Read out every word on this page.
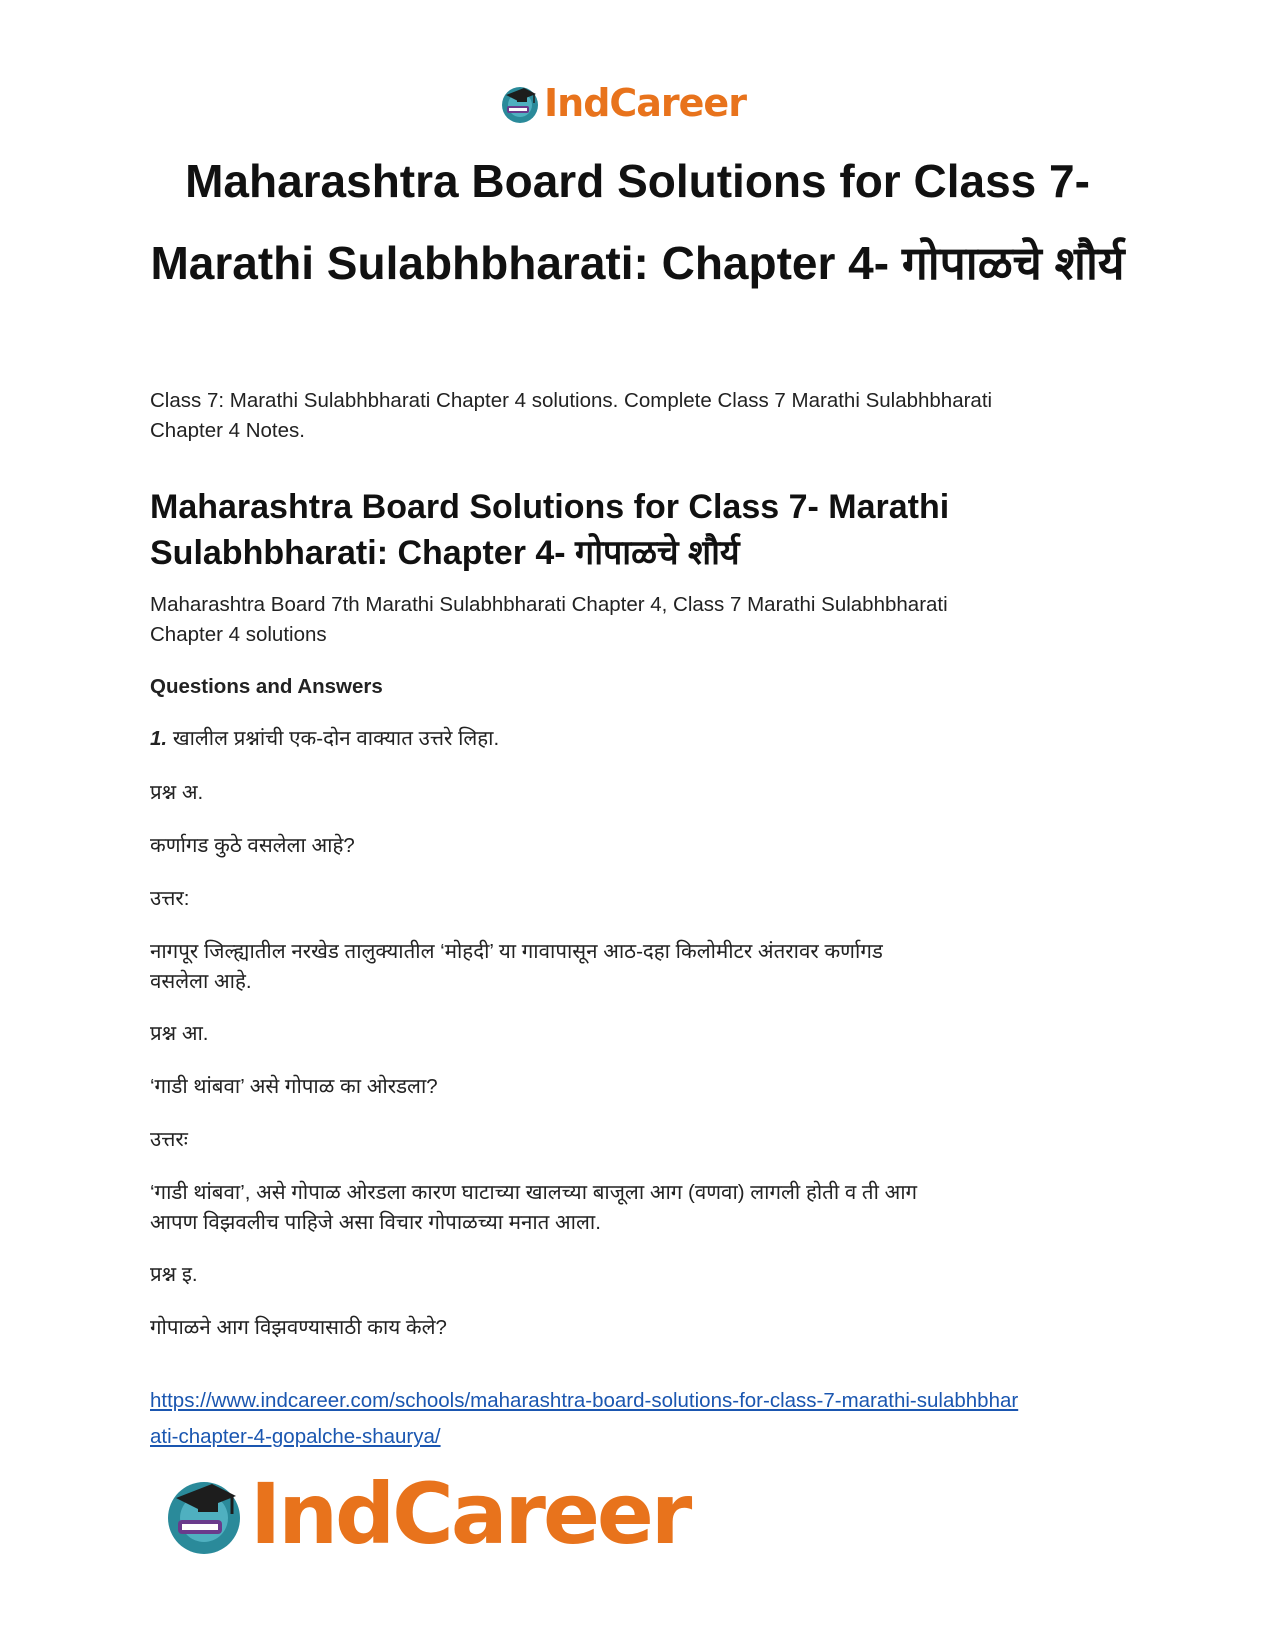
IndCareer
Maharashtra Board Solutions for Class 7-
Marathi Sulabhbharati: Chapter 4- गोपाळचे शौर्य
Class 7: Marathi Sulabhbharati Chapter 4 solutions. Complete Class 7 Marathi Sulabhbharati
Chapter 4 Notes.
Maharashtra Board Solutions for Class 7- Marathi
Sulabhbharati: Chapter 4- गोपाळचे शौर्य
Maharashtra Board 7th Marathi Sulabhbharati Chapter 4, Class 7 Marathi Sulabhbharati
Chapter 4 solutions
Questions and Answers
1. खालील प्रश्नांची एक-दोन वाक्यात उत्तरे लिहा.
प्रश्न अ.
कर्णागड कुठे वसलेला आहे?
उत्तर:
नागपूर जिल्ह्यातील नरखेड तालुक्यातील ‘मोहदी’ या गावापासून आठ-दहा किलोमीटर अंतरावर कर्णागड
वसलेला आहे.
प्रश्न आ.
‘गाडी थांबवा’ असे गोपाळ का ओरडला?
उत्तरः
‘गाडी थांबवा’, असे गोपाळ ओरडला कारण घाटाच्या खालच्या बाजूला आग (वणवा) लागली होती व ती आग
आपण विझवलीच पाहिजे असा विचार गोपाळच्या मनात आला.
प्रश्न इ.
गोपाळने आग विझवण्यासाठी काय केले?
https://www.indcareer.com/schools/maharashtra-board-solutions-for-class-7-marathi-sulabhbhar
ati-chapter-4-gopalche-shaurya/
IndCareer
